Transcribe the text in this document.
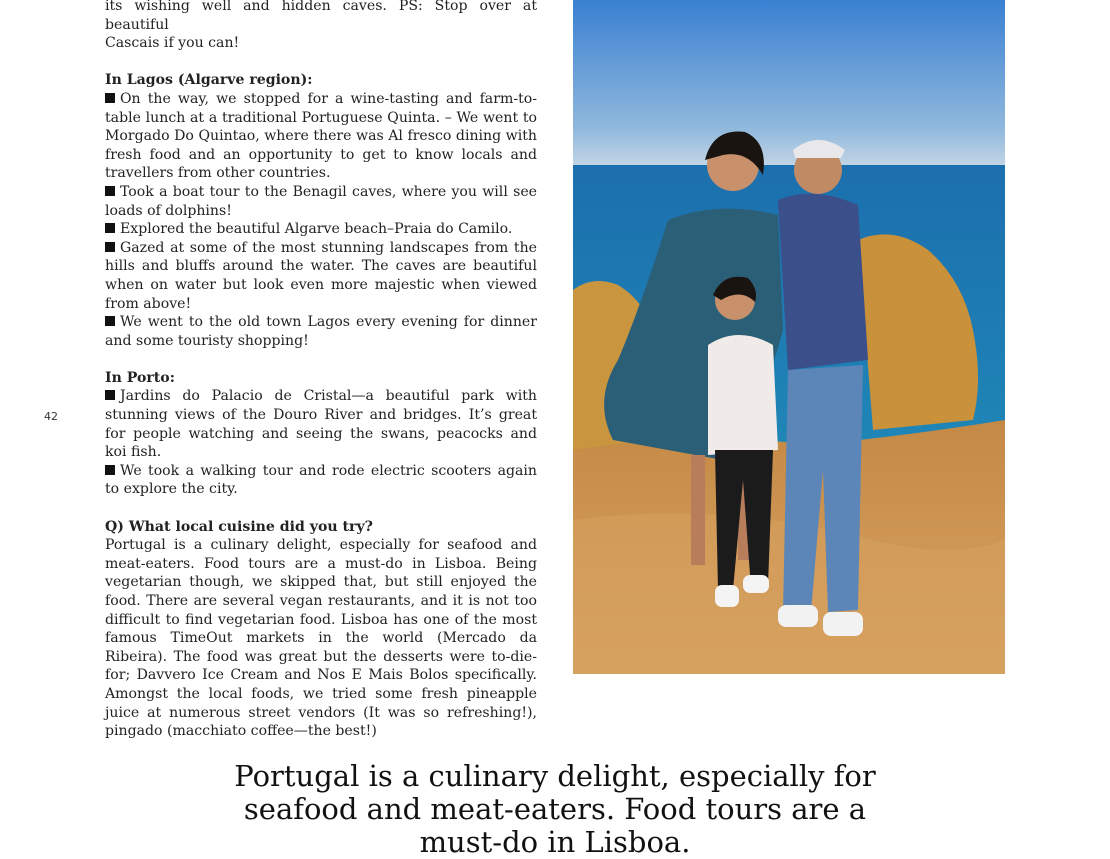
42

its wishing well and hidden caves. PS: Stop over at beautiful

Cascais if you can!

In Lagos (Algarve region):

On the way, we stopped for a wine-tasting and farm-to-table lunch at a traditional Portuguese Quinta. – We went to Morgado Do Quintao, where there was Al fresco dining with fresh food and an opportunity to get to know locals and travellers from other countries.

Took a boat tour to the Benagil caves, where you will see loads of dolphins!

Explored the beautiful Algarve beach–Praia do Camilo.

Gazed at some of the most stunning landscapes from the hills and bluffs around the water. The caves are beautiful when on water but look even more majestic when viewed from above!

We went to the old town Lagos every evening for dinner and some touristy shopping!

In Porto:

Jardins do Palacio de Cristal—a beautiful park with stunning views of the Douro River and bridges. It’s great for people watching and seeing the swans, peacocks and koi fish.

We took a walking tour and rode electric scooters again to explore the city.

Q) What local cuisine did you try?

Portugal is a culinary delight, especially for seafood and meat-eaters. Food tours are a must-do in Lisboa. Being vegetarian though, we skipped that, but still enjoyed the food. There are several vegan restaurants, and it is not too difficult to find vegetarian food. Lisboa has one of the most famous TimeOut markets in the world (Mercado da Ribeira). The food was great but the desserts were to-die-for; Davvero Ice Cream and Nos E Mais Bolos specifically. Amongst the local foods, we tried some fresh pineapple juice at numerous street vendors (It was so refreshing!), pingado (macchiato coffee—the best!)

Portugal is a culinary delight, especially for
seafood and meat-eaters. Food tours are a
must-do in Lisboa.
